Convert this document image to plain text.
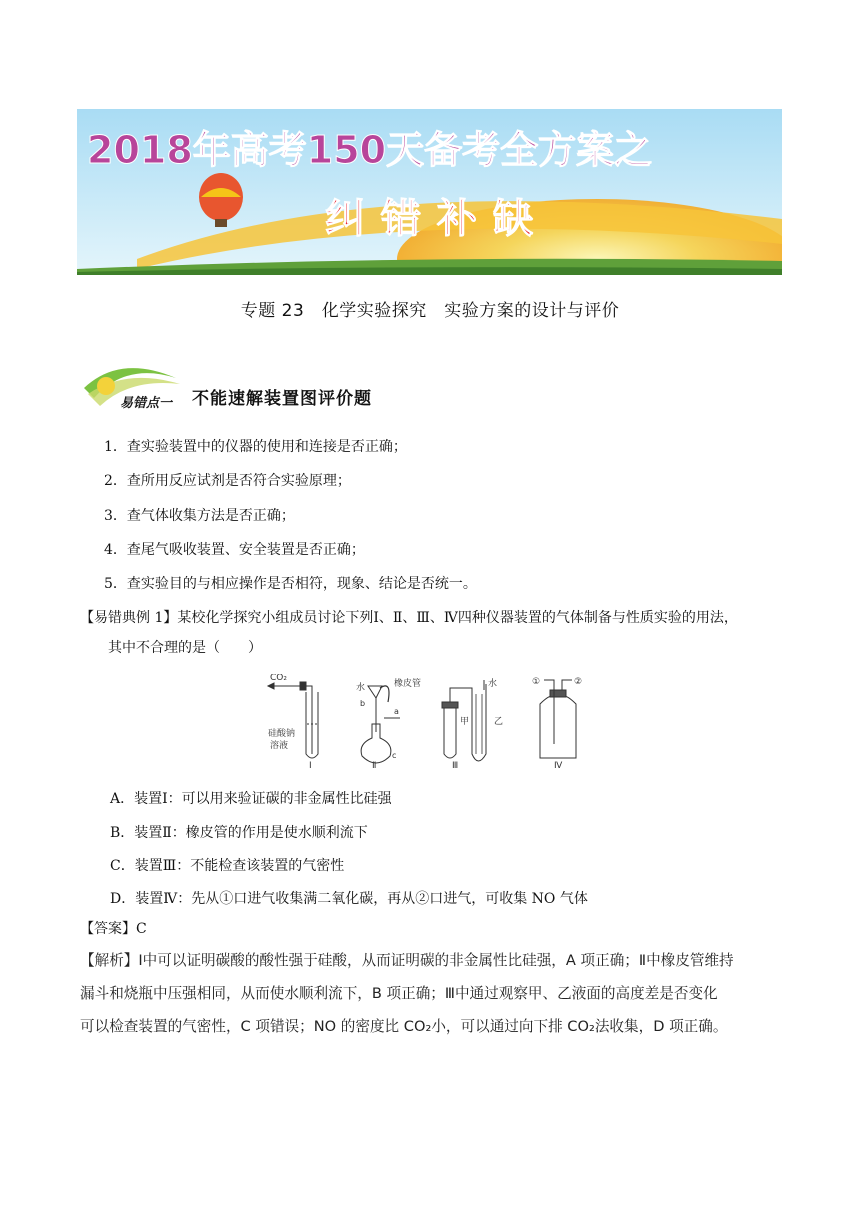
2018年高考150天备考全方案之
纠错补缺
专题 23　化学实验探究　实验方案的设计与评价
易错点一 不能速解装置图评价题
1．查实验装置中的仪器的使用和连接是否正确；
2．查所用反应试剂是否符合实验原理；
3．查气体收集方法是否正确；
4．查尾气吸收装置、安全装置是否正确；
5．查实验目的与相应操作是否相符，现象、结论是否统一。
【易错典例 1】某校化学探究小组成员讨论下列Ⅰ、Ⅱ、Ⅲ、Ⅳ四种仪器装置的气体制备与性质实验的用法，
其中不合理的是（　　）
CO₂
硅酸钠
溶液
Ⅰ
水	橡皮管
a
b
c
Ⅱ
水
甲	乙
Ⅲ
①	②
Ⅳ
A．装置Ⅰ：可以用来验证碳的非金属性比硅强
B．装置Ⅱ：橡皮管的作用是使水顺利流下
C．装置Ⅲ：不能检查该装置的气密性
D．装置Ⅳ：先从①口进气收集满二氧化碳，再从②口进气，可收集 NO 气体
【答案】C

【解析】Ⅰ中可以证明碳酸的酸性强于硅酸，从而证明碳的非金属性比硅强，A 项正确；Ⅱ中橡皮管维持

漏斗和烧瓶中压强相同，从而使水顺利流下，B 项正确；Ⅲ中通过观察甲、乙液面的高度差是否变化

可以检查装置的气密性，C 项错误；NO 的密度比 CO₂小，可以通过向下排 CO₂法收集，D 项正确。
